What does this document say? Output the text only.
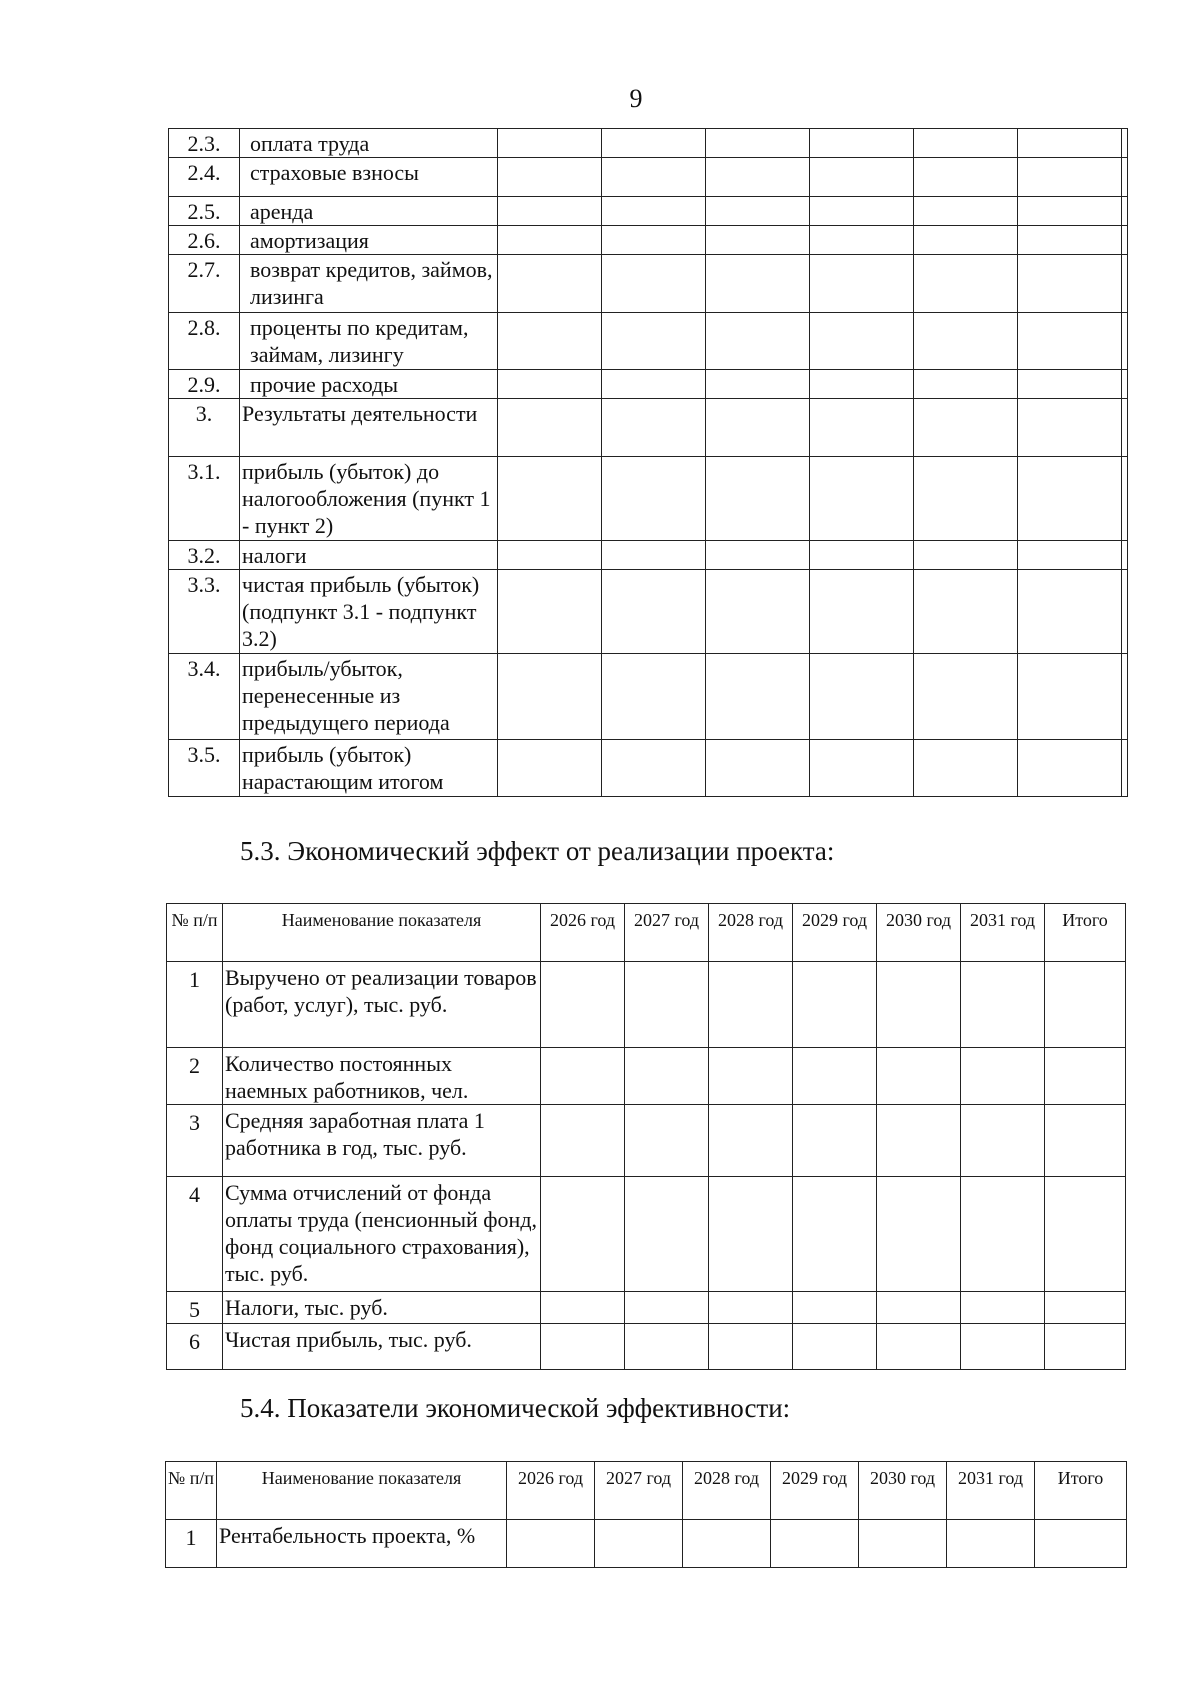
9
2.3.	оплата труда							
2.4.	страховые взносы							
2.5.	аренда							
2.6.	амортизация							
2.7.	возврат кредитов, займов, лизинга							
2.8.	проценты по кредитам, займам, лизингу							
2.9.	прочие расходы							
3.	Результаты деятельности							
3.1.	прибыль (убыток) до налогообложения (пункт 1 - пункт 2)							
3.2.	налоги							
3.3.	чистая прибыль (убыток) (подпункт 3.1 - подпункт 3.2)							
3.4.	прибыль/убыток, перенесенные из предыдущего периода							
3.5.	прибыль (убыток) нарастающим итогом							
5.3. Экономический эффект от реализации проекта:
№ п/п	Наименование показателя	2026 год	2027 год	2028 год	2029 год	2030 год	2031 год	Итого
1	Выручено от реализации товаров (работ, услуг), тыс. руб.							
2	Количество постоянных наемных работников, чел.							
3	Средняя заработная плата 1 работника в год, тыс. руб.							
4	Сумма отчислений от фонда оплаты труда (пенсионный фонд, фонд социального страхования), тыс. руб.							
5	Налоги, тыс. руб.							
6	Чистая прибыль, тыс. руб.							
5.4. Показатели экономической эффективности:
№ п/п	Наименование показателя	2026 год	2027 год	2028 год	2029 год	2030 год	2031 год	Итого
1	Рентабельность проекта, %							
